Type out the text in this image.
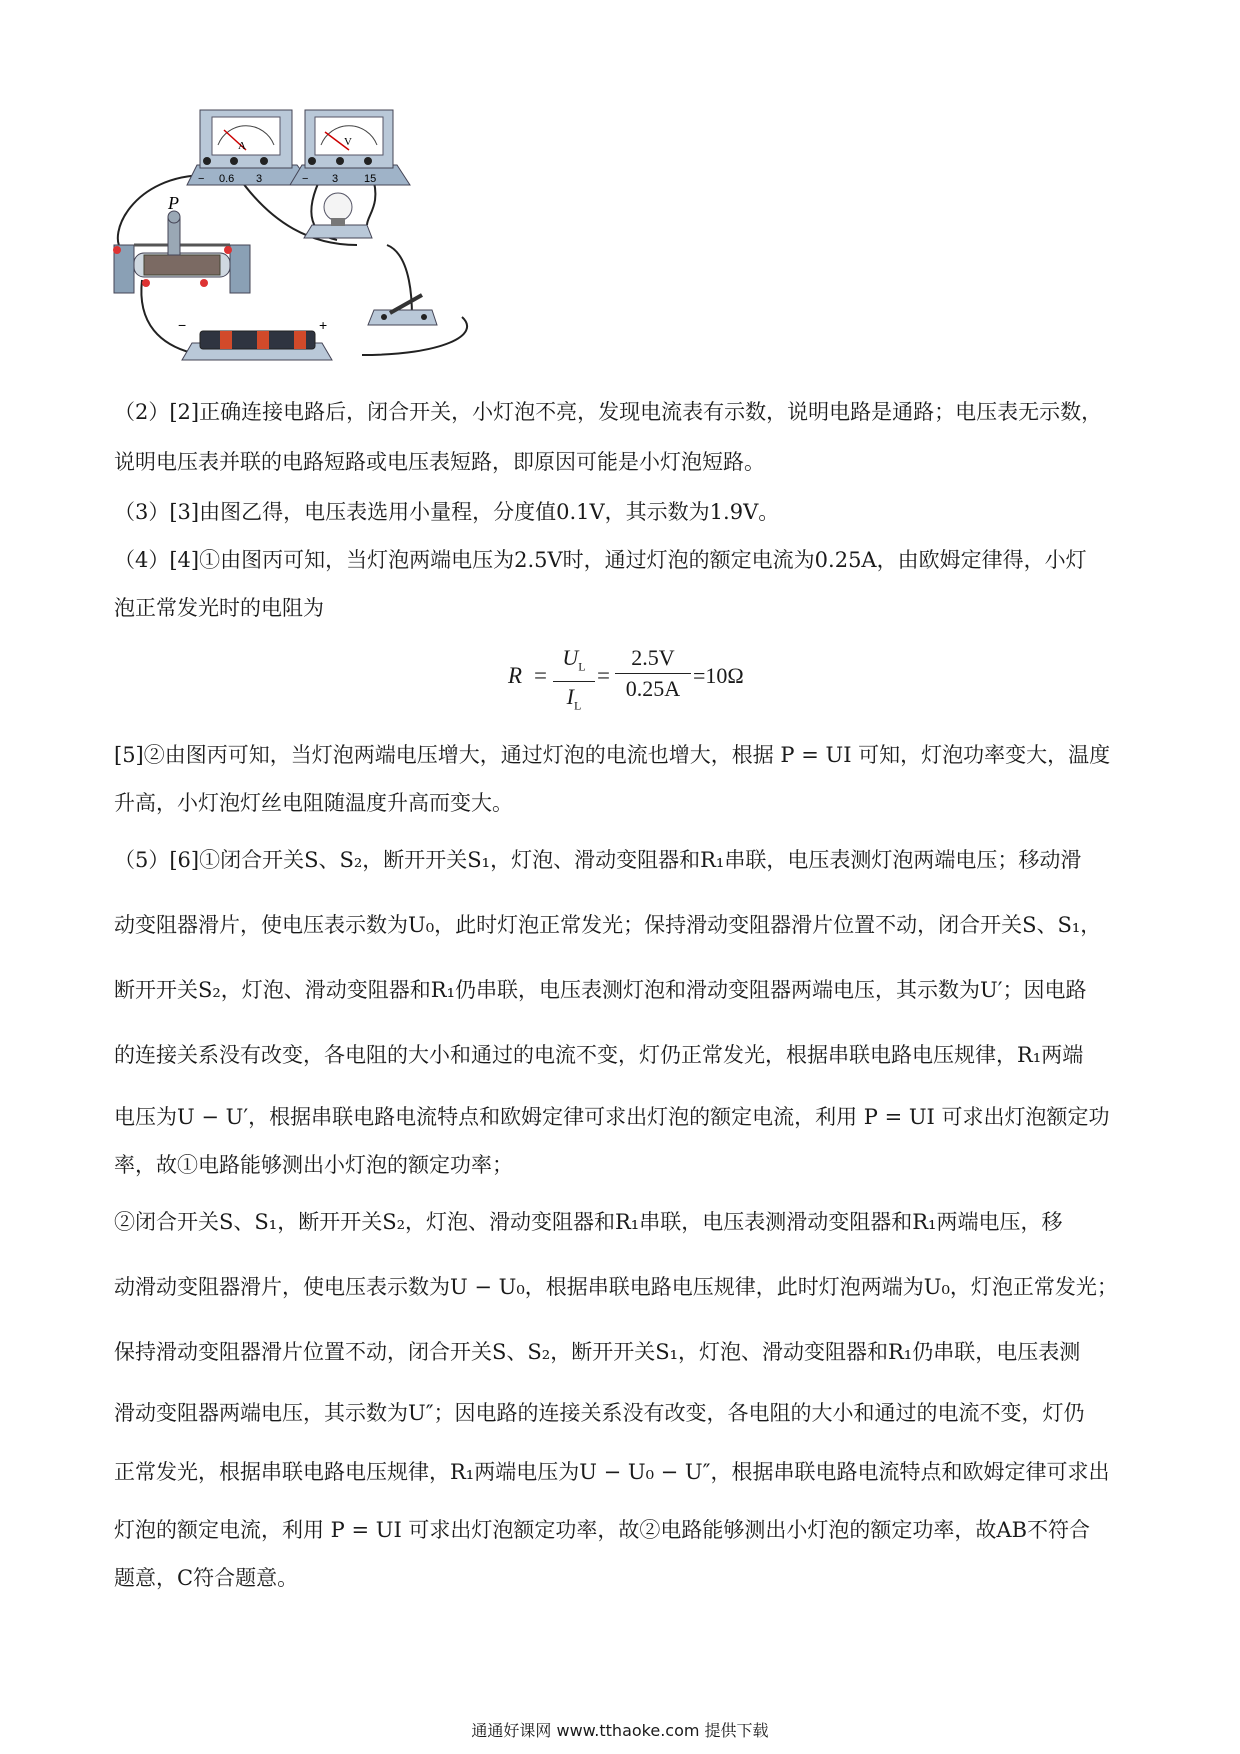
A
− 0.6 3
V
− 3 15
P
−	+
（2）[2]正确连接电路后，闭合开关，小灯泡不亮，发现电流表有示数，说明电路是通路；电压表无示数，
说明电压表并联的电路短路或电压表短路，即原因可能是小灯泡短路。
（3）[3]由图乙得，电压表选用小量程，分度值0.1V，其示数为1.9V。
（4）[4]①由图丙可知，当灯泡两端电压为2.5V时，通过灯泡的额定电流为0.25A，由欧姆定律得，小灯
泡正常发光时的电阻为
R =
$U_L$
$I_L$
=
2.5V
0.25A
=10Ω
[5]②由图丙可知，当灯泡两端电压增大，通过灯泡的电流也增大，根据 P = UI 可知，灯泡功率变大，温度
升高，小灯泡灯丝电阻随温度升高而变大。
（5）[6]①闭合开关S、S₂，断开开关S₁，灯泡、滑动变阻器和R₁串联，电压表测灯泡两端电压；移动滑
动变阻器滑片，使电压表示数为U₀，此时灯泡正常发光；保持滑动变阻器滑片位置不动，闭合开关S、S₁，
断开开关S₂，灯泡、滑动变阻器和R₁仍串联，电压表测灯泡和滑动变阻器两端电压，其示数为U′；因电路
的连接关系没有改变，各电阻的大小和通过的电流不变，灯仍正常发光，根据串联电路电压规律，R₁两端
电压为U − U′，根据串联电路电流特点和欧姆定律可求出灯泡的额定电流，利用 P = UI 可求出灯泡额定功
率，故①电路能够测出小灯泡的额定功率；
②闭合开关S、S₁，断开开关S₂，灯泡、滑动变阻器和R₁串联，电压表测滑动变阻器和R₁两端电压，移
动滑动变阻器滑片，使电压表示数为U − U₀，根据串联电路电压规律，此时灯泡两端为U₀，灯泡正常发光；
保持滑动变阻器滑片位置不动，闭合开关S、S₂，断开开关S₁，灯泡、滑动变阻器和R₁仍串联，电压表测
滑动变阻器两端电压，其示数为U″；因电路的连接关系没有改变，各电阻的大小和通过的电流不变，灯仍
正常发光，根据串联电路电压规律，R₁两端电压为U − U₀ − U″，根据串联电路电流特点和欧姆定律可求出
灯泡的额定电流，利用 P = UI 可求出灯泡额定功率，故②电路能够测出小灯泡的额定功率，故AB不符合
题意，C符合题意。
通通好课网 www.tthaoke.com 提供下载
